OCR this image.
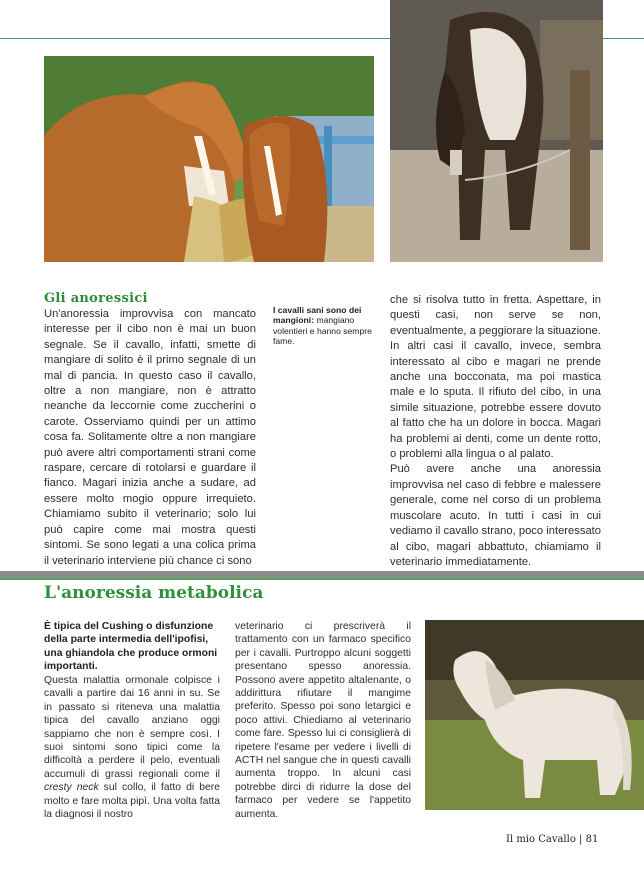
Gli anoressici

Un'anoressia improvvisa con mancato interesse per il cibo non è mai un buon segnale. Se il cavallo, infatti, smette di mangiare di solito è il primo segnale di un mal di pancia. In questo caso il cavallo, oltre a non mangiare, non è attratto neanche da leccornie come zuccherini o carote. Osserviamo quindi per un attimo cosa fa. Solitamente oltre a non mangiare può avere altri comportamenti strani come raspare, cercare di rotolarsi e guardare il fianco. Magari inizia anche a sudare, ad essere molto mogio oppure irrequieto. Chiamiamo subito il veterinario; solo lui può capire come mai mostra questi sintomi. Se sono legati a una colica prima il veterinario interviene più chance ci sono

I cavalli sani sono dei mangioni: mangiano volentieri e hanno sempre fame.

che si risolva tutto in fretta. Aspettare, in questi casi, non serve se non, eventualmente, a peggiorare la situazione.

In altri casi il cavallo, invece, sembra interessato al cibo e magari ne prende anche una bocconata, ma poi mastica male e lo sputa. Il rifiuto del cibo, in una simile situazione, potrebbe essere dovuto al fatto che ha un dolore in bocca. Magari ha problemi ai denti, come un dente rotto, o problemi alla lingua o al palato.

Può avere anche una anoressia improvvisa nel caso di febbre e malessere generale, come nel corso di un problema muscolare acuto. In tutti i casi in cui vediamo il cavallo strano, poco interessato al cibo, magari abbattuto, chiamiamo il veterinario immediatamente.

L'anoressia metabolica
È tipica del Cushing o disfunzione della parte intermedia dell'ipofisi, una ghiandola che produce ormoni importanti.

Questa malattia ormonale colpisce i cavalli a partire dai 16 anni in su. Se in passato si riteneva una malattia tipica del cavallo anziano oggi sappiamo che non è sempre così. I suoi sintomi sono tipici come la difficoltà a perdere il pelo, eventuali accumuli di grassi regionali come il cresty neck sul collo, il fatto di bere molto e fare molta pipì. Una volta fatta la diagnosi il nostro

veterinario ci prescriverà il trattamento con un farmaco specifico per i cavalli. Purtroppo alcuni soggetti presentano spesso anoressia. Possono avere appetito altalenante, o addirittura rifiutare il mangime preferito. Spesso poi sono letargici e poco attivi. Chiediamo al veterinario come fare. Spesso lui ci consiglierà di ripetere l'esame per vedere i livelli di ACTH nel sangue che in questi cavalli aumenta troppo. In alcuni casi potrebbe dirci di ridurre la dose del farmaco per vedere se l'appetito aumenta.

Il mio Cavallo | 81
